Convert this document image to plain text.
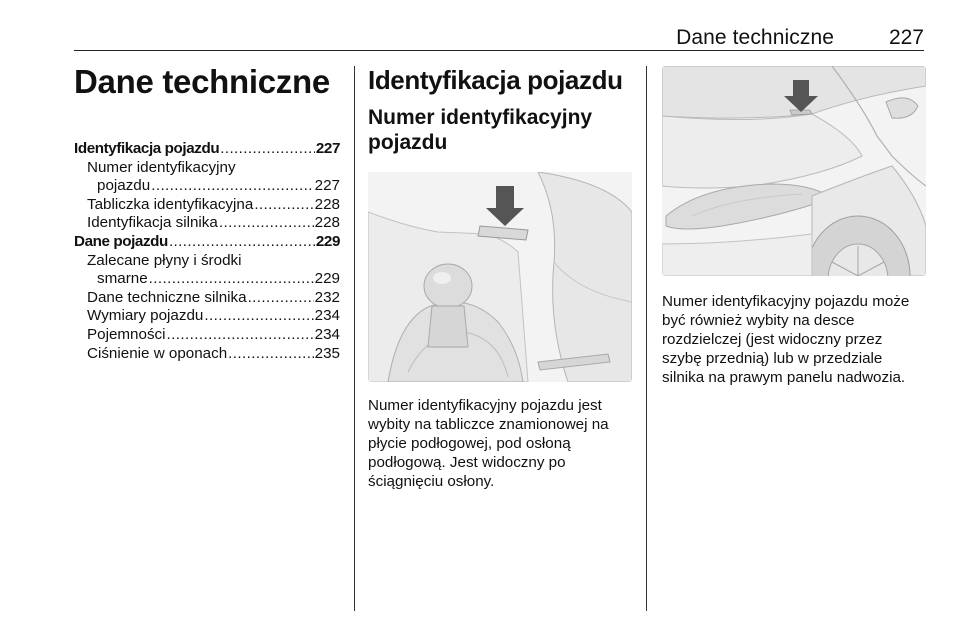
Dane techniczne	227
Dane techniczne
Identyfikacja pojazdu .....	227
Numer identyfikacyjny
pojazdu .....	227
Tabliczka identyfikacyjna .....	228
Identyfikacja silnika .....	228
Dane pojazdu .....	229
Zalecane płyny i środki
smarne .....	229
Dane techniczne silnika .....	232
Wymiary pojazdu .....	234
Pojemności .....	234
Ciśnienie w oponach .....	235
Identyfikacja pojazdu
Numer identyfikacyjny pojazdu

Numer identyfikacyjny pojazdu jest wybity na tabliczce znamionowej na płycie podłogowej, pod osłoną podłogową. Jest widoczny po ściągnięciu osłony.

Numer identyfikacyjny pojazdu może być również wybity na desce rozdzielczej (jest widoczny przez szybę przednią) lub w przedziale silnika na prawym panelu nadwozia.
